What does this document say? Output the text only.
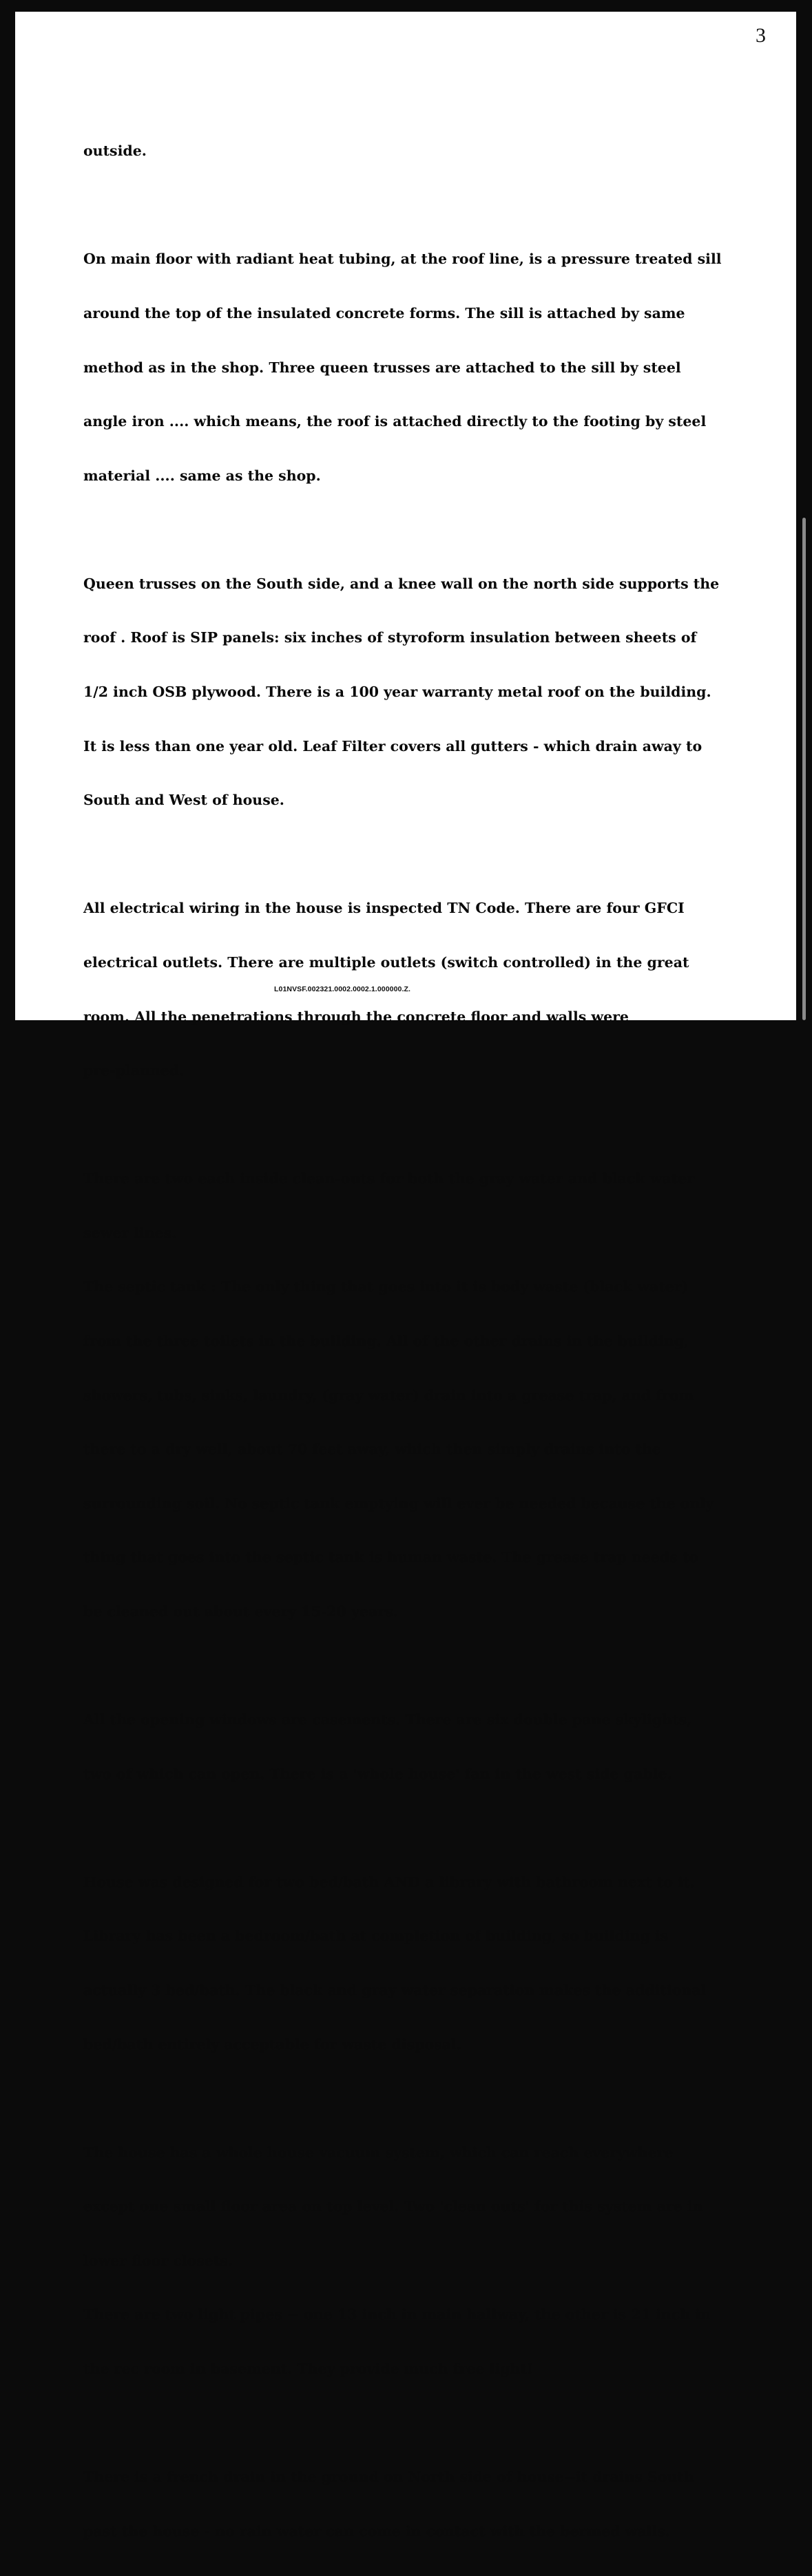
3

outside.

On main floor with radiant heat tubing, at the roof line, is a pressure treated sill

around the top of the insulated concrete forms. The sill is attached by same

method as in the shop. Three queen trusses are attached to the sill by steel

angle iron .... which means, the roof is attached directly to the footing by steel

material .... same as the shop.

Queen trusses on the South side, and a knee wall on the north side supports the

roof . Roof is SIP panels: six inches of styroform insulation between sheets of

1/2 inch OSB plywood. There is a 100 year warranty metal roof on the building.

It is less than one year old. Leaf Filter covers all gutters - which drain away to

South and West of house.

All electrical wiring in the house is inspected TN Code. There are four GFCI

electrical outlets. There are multiple outlets (switch controlled) in the great

room. All the penetrations through the concrete floor and walls were

pre-planned.

There are two each inside clean-outs for both the gray water and black water

sewer lines.

The septic tank : The only thing that goes into it is body waste (black water)

from the three toilets in the building. All of the other drains in the building,

showers, tubs, sinks, laundry, (gray water) drain into a grease trap, and from

there to a dry well, about 70 feet away, which then simply drains into the

surrounding soil. No septic tank emptying will ever be needed because the only

thing that goes into the septic tank is human waste. The grease trap needs to

be cleaned out about every 15-20 years.

All the opening windows are casements. There are six double pane skylights,

two of which can open. There is a 'whole house' fan in the west side gable.

House was designed for two bed/bath AND a library with bathroom next to it.

Library has been a bedroom/bath at completion of building, so building is

actually 3 bed/bath. The black and gray water separation makes the additional

bed/bath entirely acceptable for waste disposal.

The house has a whole house vacuum system, which can reach everywhere

except one small floor area on top level. Two 'clean outs' for this system are in

lower floor closets.

There are two light pipes -- one 13 inch in main hallway, the other is 21 inch in

the rec room in basement. They provide much free light!

There is a french drain in the ground on North side of house--it drains South

past the house - no rain water can come in contact with the bermed walls.

L01NVSF.002321.0002.0002.1.000000.Z.
